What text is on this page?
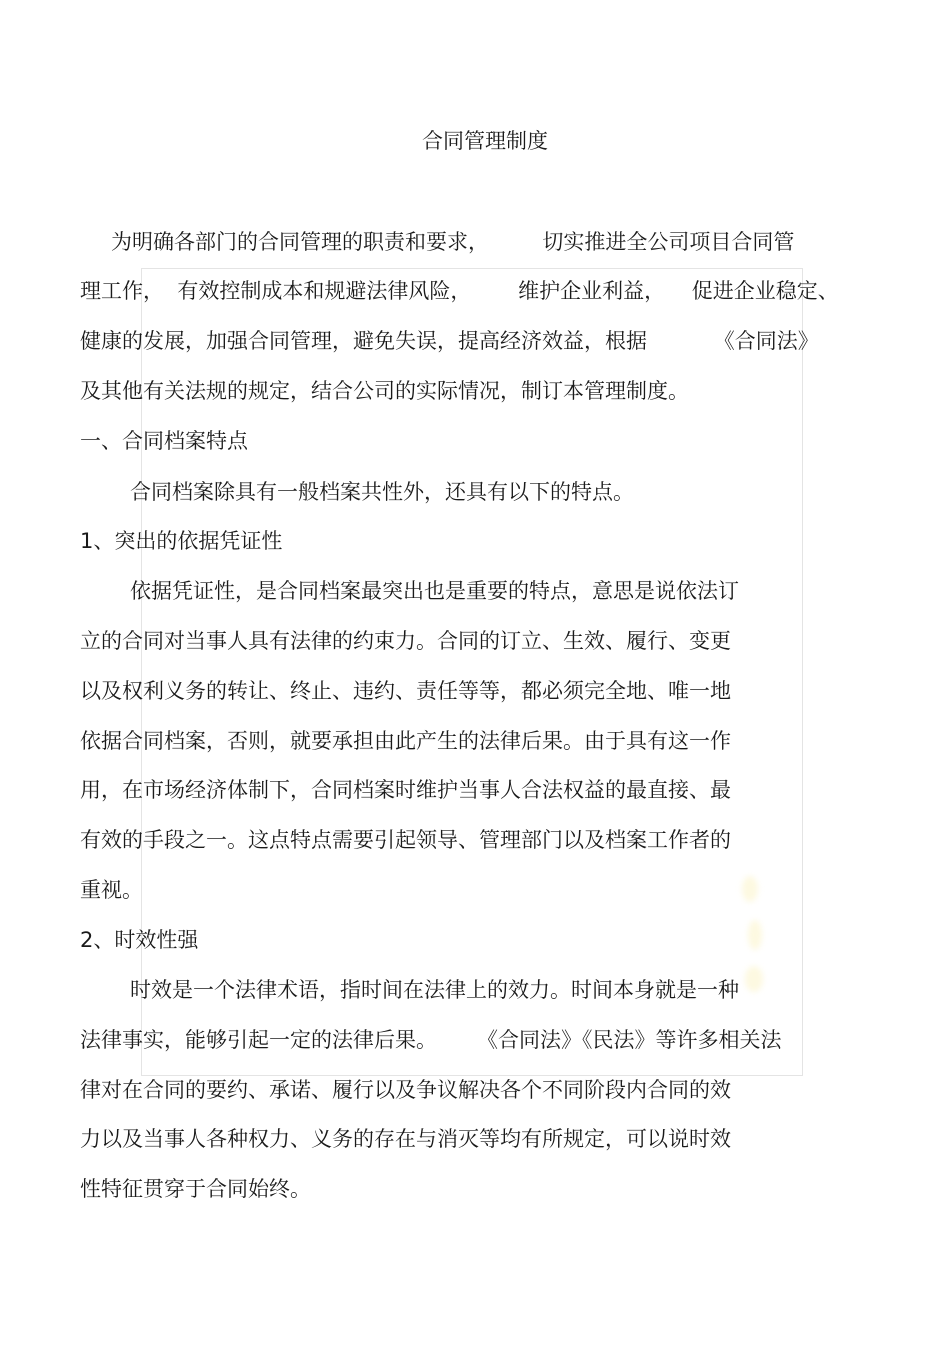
合同管理制度
为明确各部门的合同管理的职责和要求，        切实推进全公司项目合同管
理工作，  有效控制成本和规避法律风险，       维护企业利益，    促进企业稳定、
健康的发展，加强合同管理，避免失误，提高经济效益，根据          《合同法》
及其他有关法规的规定，结合公司的实际情况，制订本管理制度。
一、合同档案特点
合同档案除具有一般档案共性外，还具有以下的特点。
1、突出的依据凭证性
依据凭证性，是合同档案最突出也是重要的特点，意思是说依法订
立的合同对当事人具有法律的约束力。合同的订立、生效、履行、变更
以及权利义务的转让、终止、违约、责任等等，都必须完全地、唯一地
依据合同档案，否则，就要承担由此产生的法律后果。由于具有这一作
用，在市场经济体制下，合同档案时维护当事人合法权益的最直接、最
有效的手段之一。这点特点需要引起领导、管理部门以及档案工作者的
重视。
2、时效性强
时效是一个法律术语，指时间在法律上的效力。时间本身就是一种
法律事实，能够引起一定的法律后果。      《合同法》《民法》等许多相关法
律对在合同的要约、承诺、履行以及争议解决各个不同阶段内合同的效
力以及当事人各种权力、义务的存在与消灭等均有所规定，可以说时效
性特征贯穿于合同始终。
